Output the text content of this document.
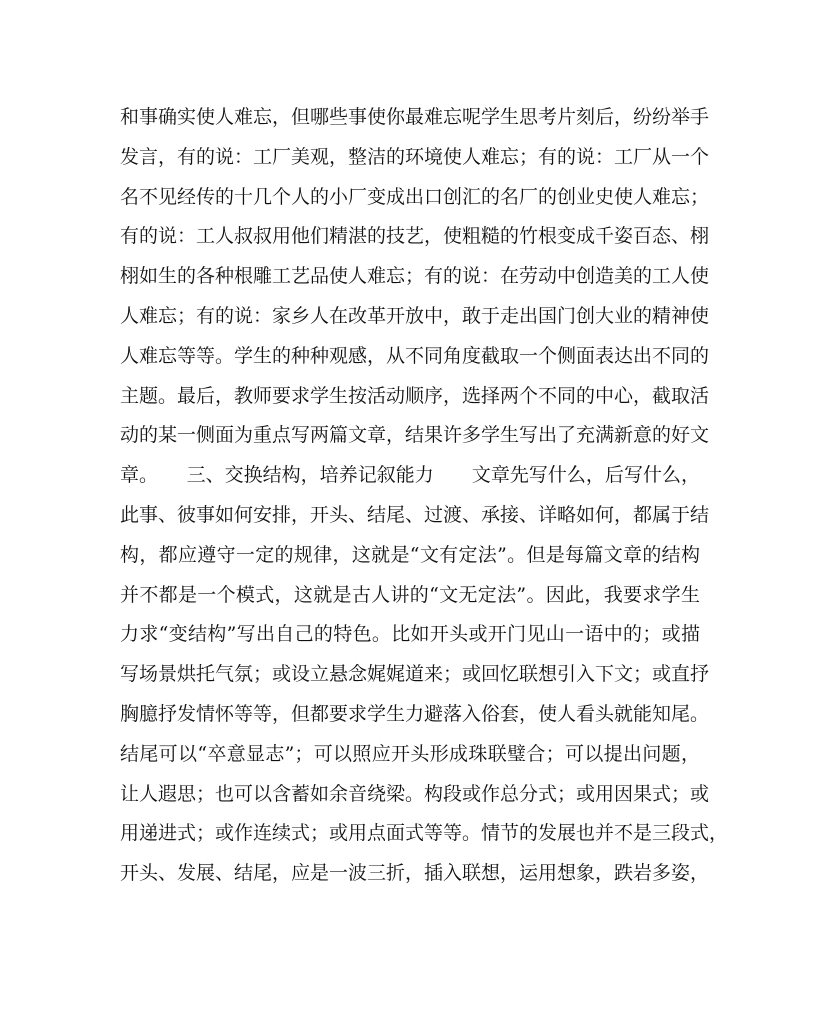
和事确实使人难忘，但哪些事使你最难忘呢学生思考片刻后，纷纷举手
发言，有的说：工厂美观，整洁的环境使人难忘；有的说：工厂从一个
名不见经传的十几个人的小厂变成出口创汇的名厂的创业史使人难忘；
有的说：工人叔叔用他们精湛的技艺，使粗糙的竹根变成千姿百态、栩
栩如生的各种根雕工艺品使人难忘；有的说：在劳动中创造美的工人使
人难忘；有的说：家乡人在改革开放中，敢于走出国门创大业的精神使
人难忘等等。学生的种种观感，从不同角度截取一个侧面表达出不同的
主题。最后，教师要求学生按活动顺序，选择两个不同的中心，截取活
动的某一侧面为重点写两篇文章，结果许多学生写出了充满新意的好文
章。　　三、交换结构，培养记叙能力　　文章先写什么，后写什么，
此事、彼事如何安排，开头、结尾、过渡、承接、详略如何，都属于结
构，都应遵守一定的规律，这就是“文有定法”。但是每篇文章的结构
并不都是一个模式，这就是古人讲的“文无定法”。因此，我要求学生
力求“变结构”写出自己的特色。比如开头或开门见山一语中的；或描
写场景烘托气氛；或设立悬念娓娓道来；或回忆联想引入下文；或直抒
胸臆抒发情怀等等，但都要求学生力避落入俗套，使人看头就能知尾。
结尾可以“卒意显志”；可以照应开头形成珠联璧合；可以提出问题，
让人遐思；也可以含蓄如余音绕梁。构段或作总分式；或用因果式；或
用递进式；或作连续式；或用点面式等等。情节的发展也并不是三段式，
开头、发展、结尾，应是一波三折，插入联想，运用想象，跌岩多姿，
